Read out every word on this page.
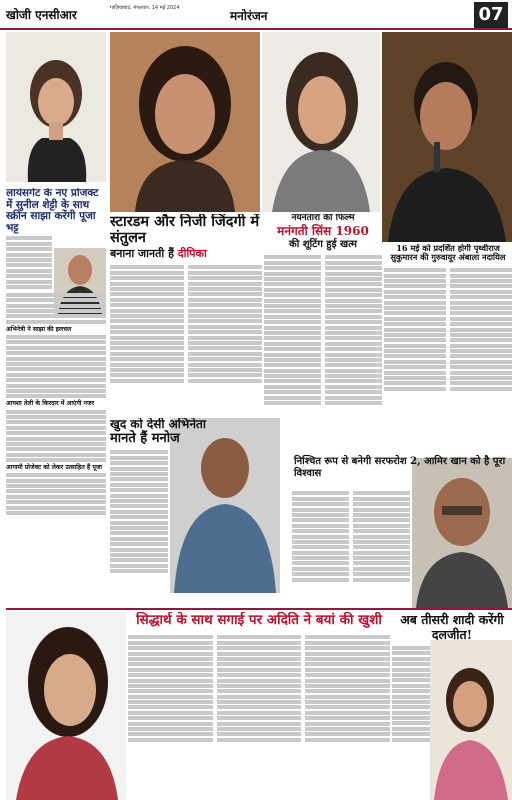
खोजी एनसीआर	गाज़ियाबाद, मंगलवार, 14 मई 2024
मनोरंजन	07
लायंसगेट के नए प्रोजक्ट में सुनील शेट्टी के साथ स्क्रीन साझा करेंगी पूजा भट्ट
अभिनेत्री ने साझा की हलचल
आयशा तेली के किरदार में आएंगी नजर
आगामी प्रोजेक्ट को लेकर उत्साहित हैं पूजा
स्टारडम और निजी जिंदगी में संतुलन
बनाना जानती हैं दीपिका
नयनतारा की फिल्म
मनंगती सिंस 1960
की शूटिंग हुई खत्म	16 मई को प्रदर्शित होगी पृथ्वीराज सुकुमारन की गुरुवायूर अंबाला नदायिल
खुद को देसी अभिनेता
मानते हैं मनोज
निश्चित रूप से बनेगी सरफरोश 2, आमिर खान को है पूरा विश्वास
सिद्धार्थ के साथ सगाई पर अदिति ने बयां की खुशी	अब तीसरी शादी करेंगी दलजीत!
